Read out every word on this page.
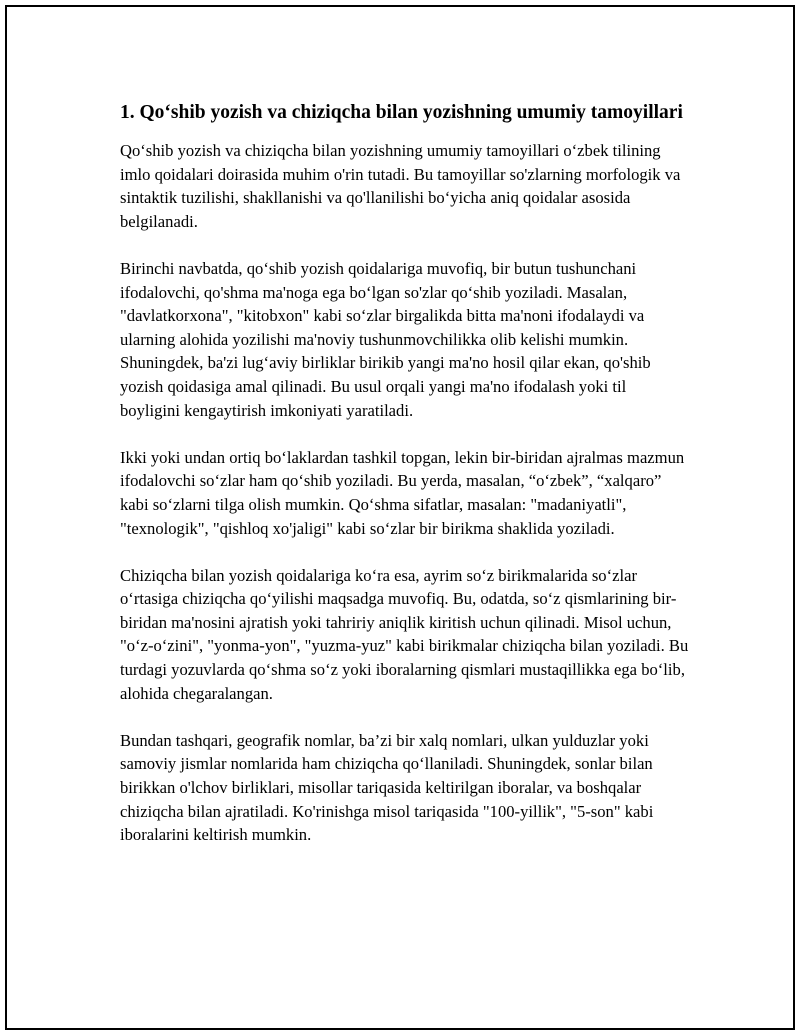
1. Qo‘shib yozish va chiziqcha bilan yozishning umumiy tamoyillari

Qo‘shib yozish va chiziqcha bilan yozishning umumiy tamoyillari o‘zbek tilining imlo qoidalari doirasida muhim o'rin tutadi. Bu tamoyillar so'zlarning morfologik va sintaktik tuzilishi, shakllanishi va qo'llanilishi bo‘yicha aniq qoidalar asosida belgilanadi.

Birinchi navbatda, qo‘shib yozish qoidalariga muvofiq, bir butun tushunchani ifodalovchi, qo'shma ma'noga ega bo‘lgan so'zlar qo‘shib yoziladi. Masalan, "davlatkorxona", "kitobxon" kabi so‘zlar birgalikda bitta ma'noni ifodalaydi va ularning alohida yozilishi ma'noviy tushunmovchilikka olib kelishi mumkin. Shuningdek, ba'zi lug‘aviy birliklar birikib yangi ma'no hosil qilar ekan, qo'shib yozish qoidasiga amal qilinadi. Bu usul orqali yangi ma'no ifodalash yoki til boyligini kengaytirish imkoniyati yaratiladi.

Ikki yoki undan ortiq bo‘laklardan tashkil topgan, lekin bir-biridan ajralmas mazmun ifodalovchi so‘zlar ham qo‘shib yoziladi. Bu yerda, masalan, “o‘zbek”, “xalqaro” kabi so‘zlarni tilga olish mumkin. Qo‘shma sifatlar, masalan: "madaniyatli", "texnologik", "qishloq xo'jaligi" kabi so‘zlar bir birikma shaklida yoziladi.

Chiziqcha bilan yozish qoidalariga ko‘ra esa, ayrim so‘z birikmalarida so‘zlar o‘rtasiga chiziqcha qo‘yilishi maqsadga muvofiq. Bu, odatda, so‘z qismlarining bir-biridan ma'nosini ajratish yoki tahririy aniqlik kiritish uchun qilinadi. Misol uchun, "o‘z-o‘zini", "yonma-yon", "yuzma-yuz" kabi birikmalar chiziqcha bilan yoziladi. Bu turdagi yozuvlarda qo‘shma so‘z yoki iboralarning qismlari mustaqillikka ega bo‘lib, alohida chegaralangan.

Bundan tashqari, geografik nomlar, ba’zi bir xalq nomlari, ulkan yulduzlar yoki samoviy jismlar nomlarida ham chiziqcha qo‘llaniladi. Shuningdek, sonlar bilan birikkan o'lchov birliklari, misollar tariqasida keltirilgan iboralar, va boshqalar chiziqcha bilan ajratiladi. Ko'rinishga misol tariqasida "100-yillik", "5-son" kabi iboralarini keltirish mumkin.
